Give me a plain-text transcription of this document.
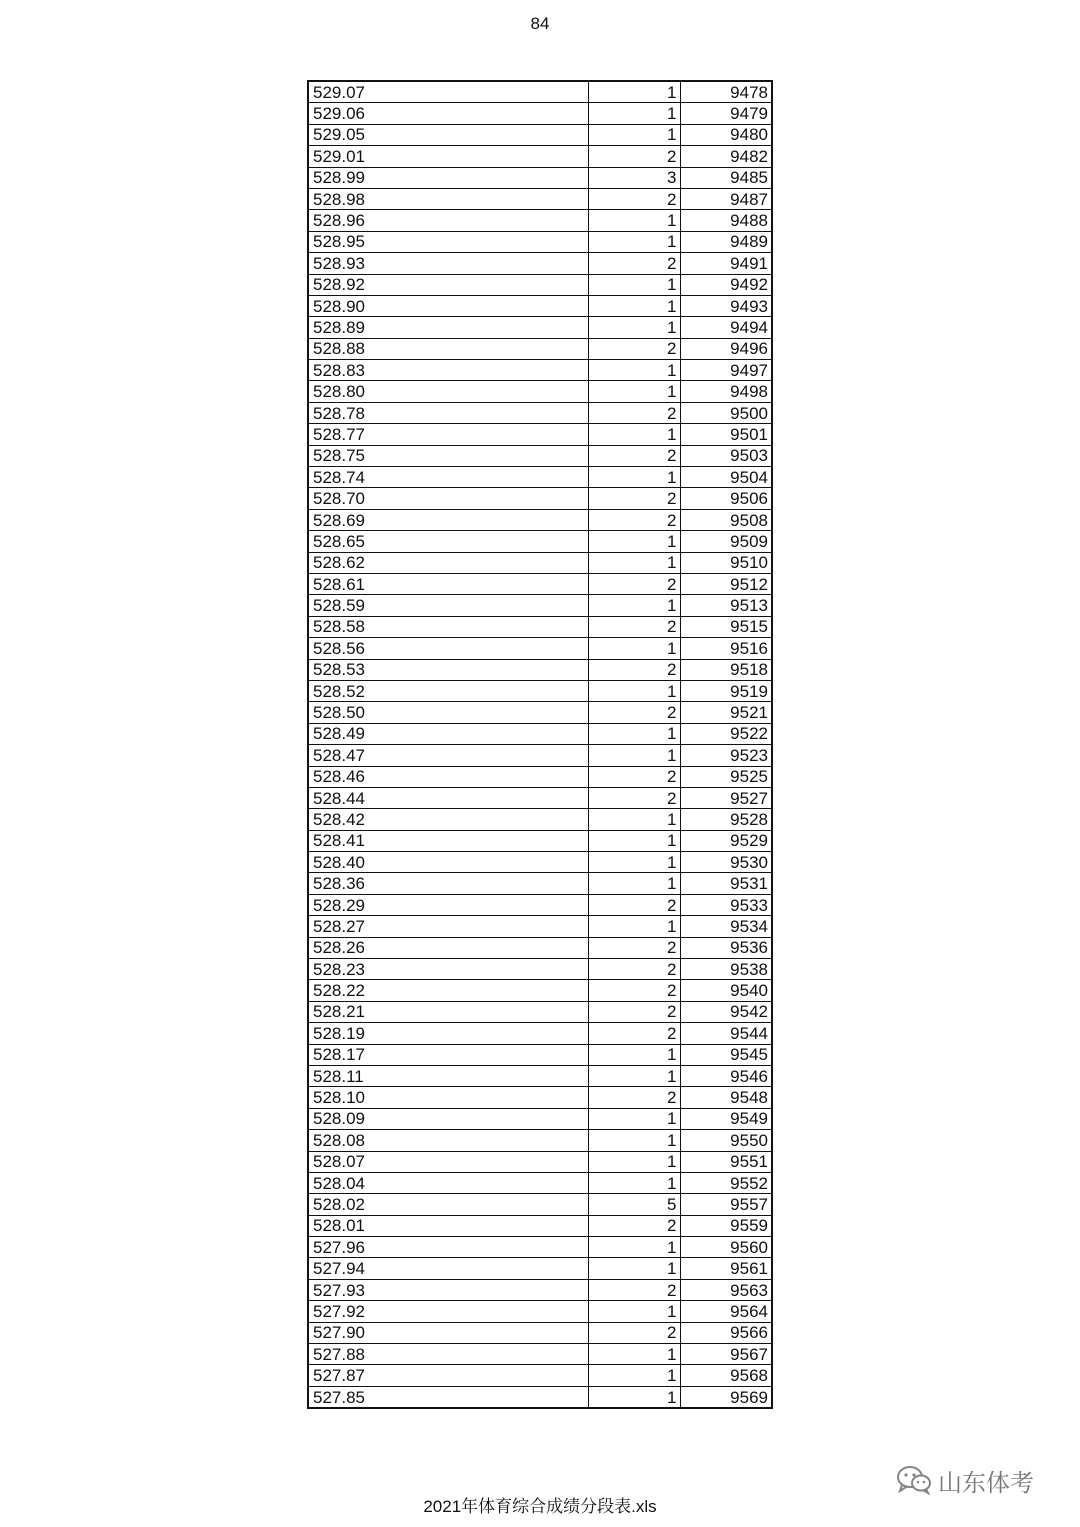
84
529.07	1	9478
529.06	1	9479
529.05	1	9480
529.01	2	9482
528.99	3	9485
528.98	2	9487
528.96	1	9488
528.95	1	9489
528.93	2	9491
528.92	1	9492
528.90	1	9493
528.89	1	9494
528.88	2	9496
528.83	1	9497
528.80	1	9498
528.78	2	9500
528.77	1	9501
528.75	2	9503
528.74	1	9504
528.70	2	9506
528.69	2	9508
528.65	1	9509
528.62	1	9510
528.61	2	9512
528.59	1	9513
528.58	2	9515
528.56	1	9516
528.53	2	9518
528.52	1	9519
528.50	2	9521
528.49	1	9522
528.47	1	9523
528.46	2	9525
528.44	2	9527
528.42	1	9528
528.41	1	9529
528.40	1	9530
528.36	1	9531
528.29	2	9533
528.27	1	9534
528.26	2	9536
528.23	2	9538
528.22	2	9540
528.21	2	9542
528.19	2	9544
528.17	1	9545
528.11	1	9546
528.10	2	9548
528.09	1	9549
528.08	1	9550
528.07	1	9551
528.04	1	9552
528.02	5	9557
528.01	2	9559
527.96	1	9560
527.94	1	9561
527.93	2	9563
527.92	1	9564
527.90	2	9566
527.88	1	9567
527.87	1	9568
527.85	1	9569
2021年体育综合成绩分段表.xls
山东体考
